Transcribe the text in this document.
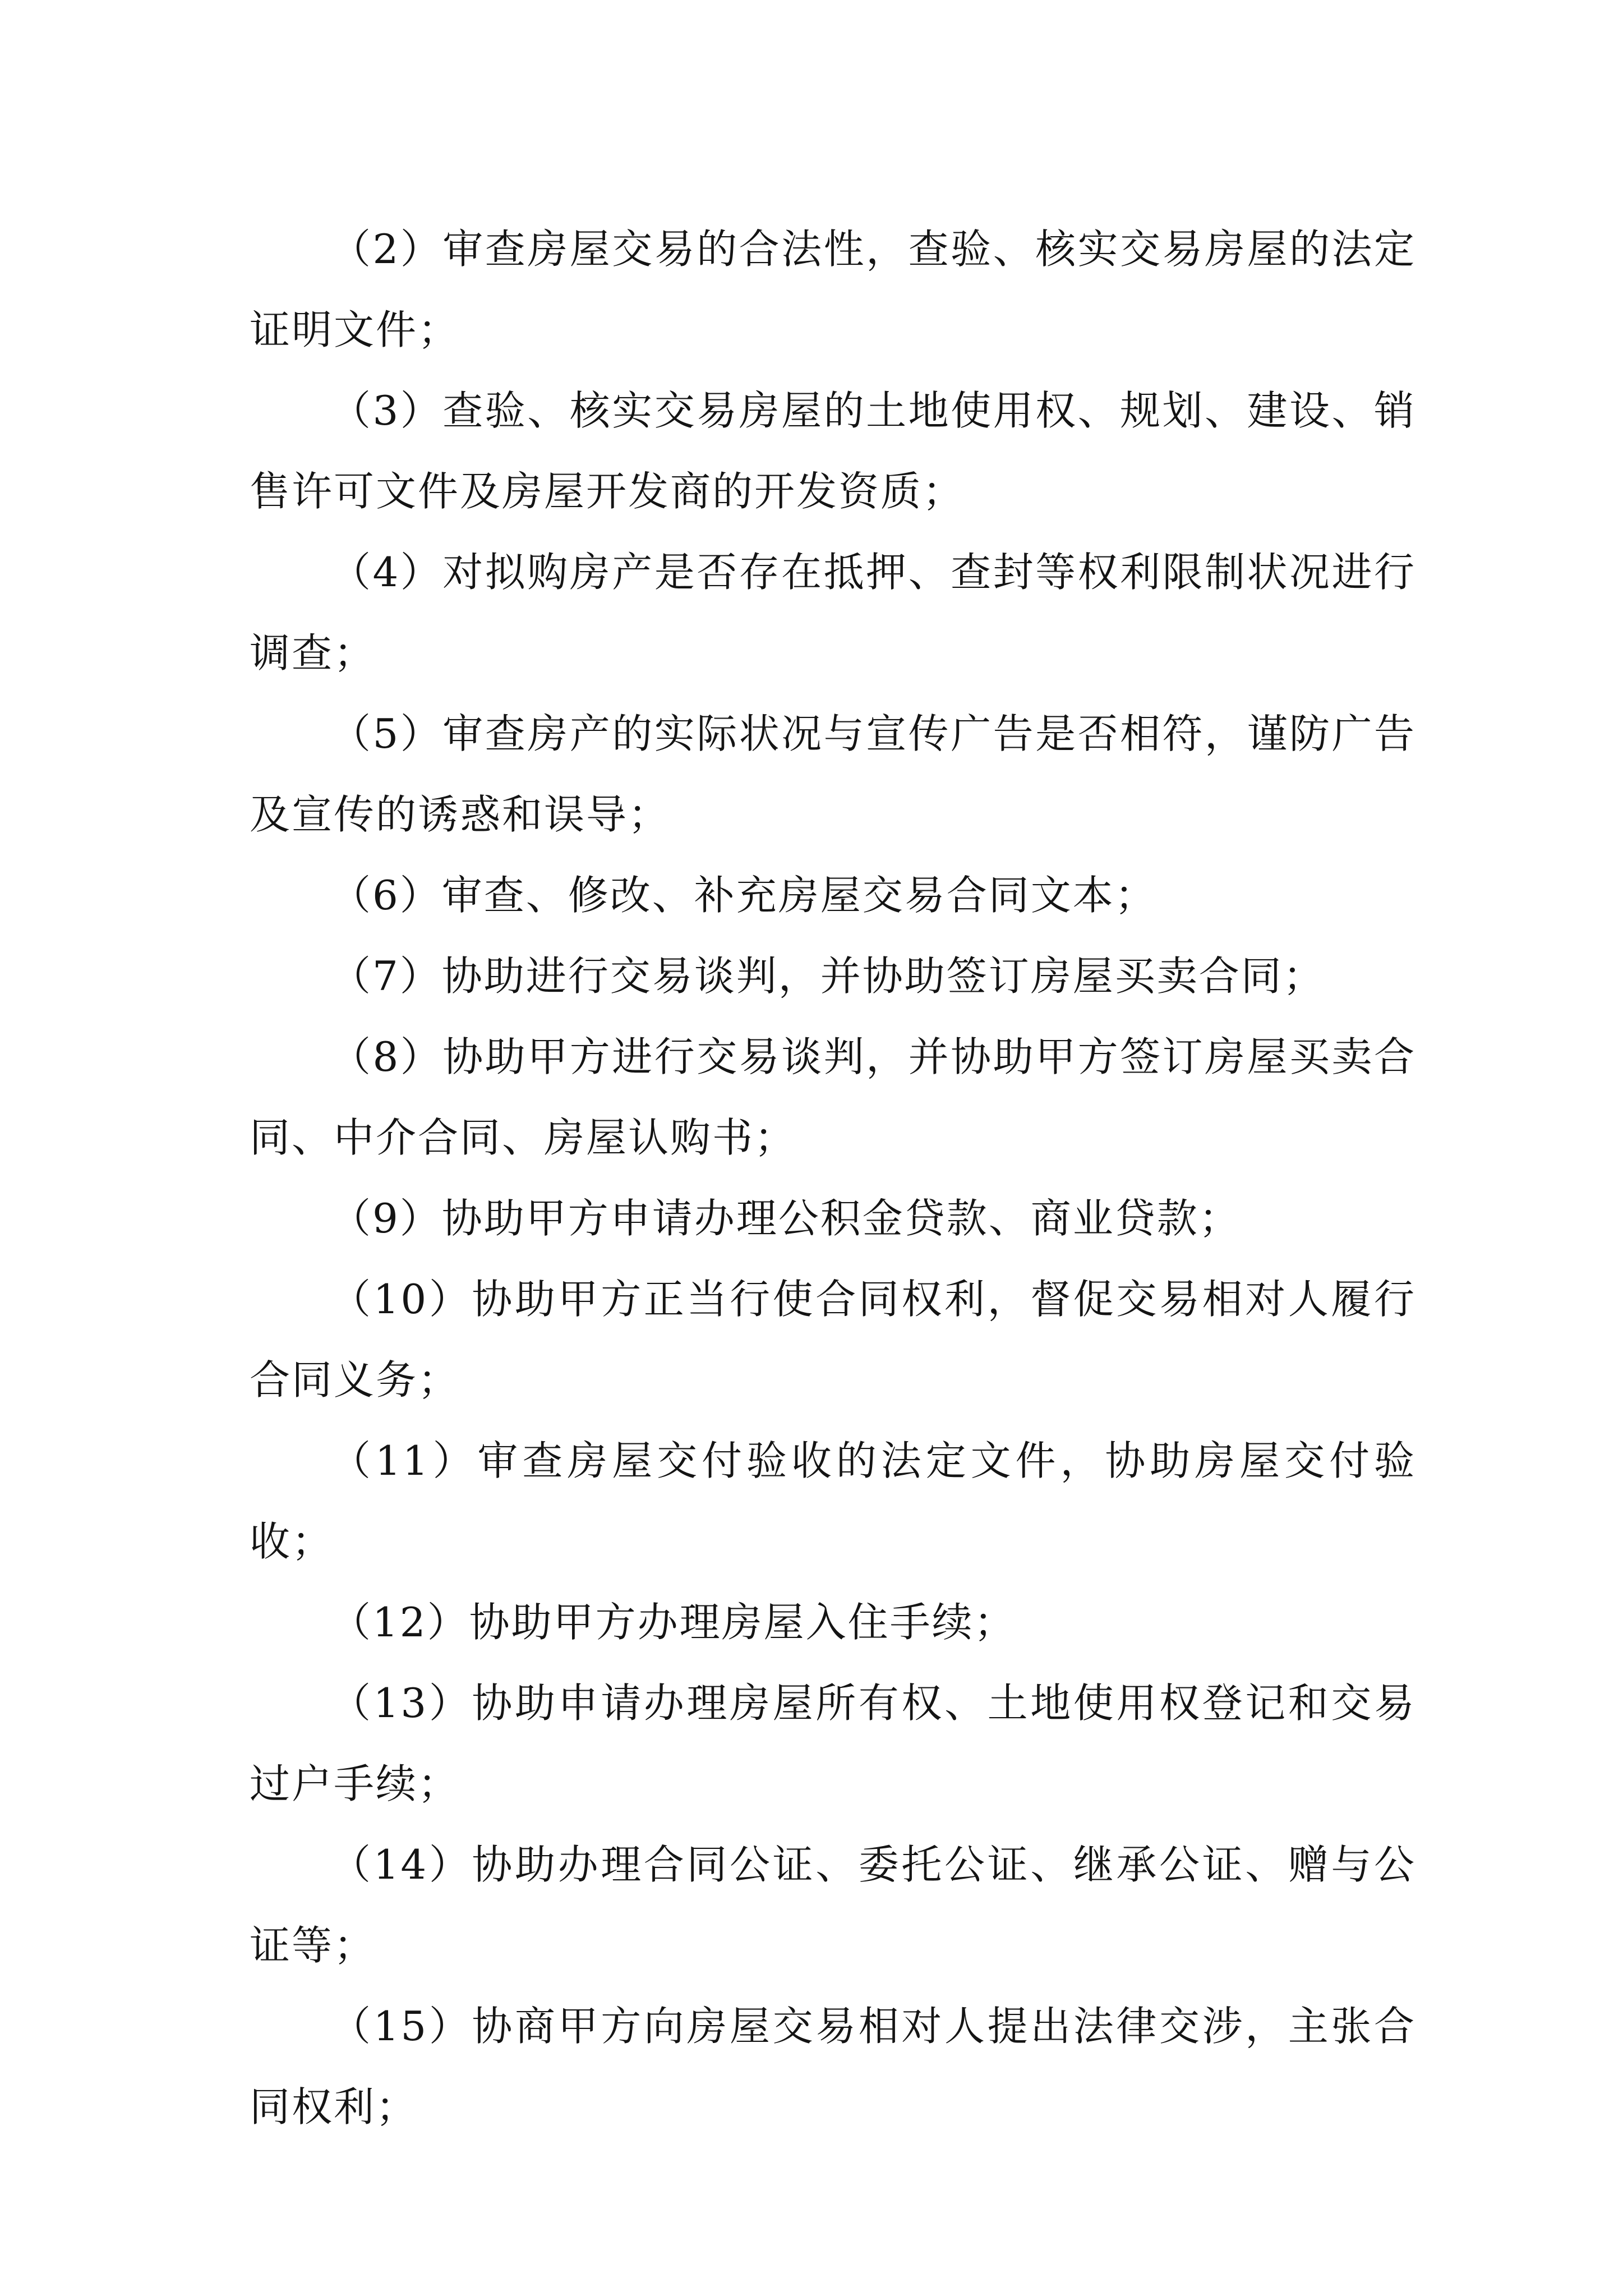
（2）审查房屋交易的合法性，查验、核实交易房屋的法定证明文件；

（3）查验、核实交易房屋的土地使用权、规划、建设、销售许可文件及房屋开发商的开发资质；

（4）对拟购房产是否存在抵押、查封等权利限制状况进行调查；

（5）审查房产的实际状况与宣传广告是否相符，谨防广告及宣传的诱惑和误导；

（6）审查、修改、补充房屋交易合同文本；

（7）协助进行交易谈判，并协助签订房屋买卖合同；

（8）协助甲方进行交易谈判，并协助甲方签订房屋买卖合同、中介合同、房屋认购书；

（9）协助甲方申请办理公积金贷款、商业贷款；

（10）协助甲方正当行使合同权利，督促交易相对人履行合同义务；

（11）审查房屋交付验收的法定文件，协助房屋交付验收；

（12）协助甲方办理房屋入住手续；

（13）协助申请办理房屋所有权、土地使用权登记和交易过户手续；

（14）协助办理合同公证、委托公证、继承公证、赠与公证等；

（15）协商甲方向房屋交易相对人提出法律交涉，主张合同权利；
